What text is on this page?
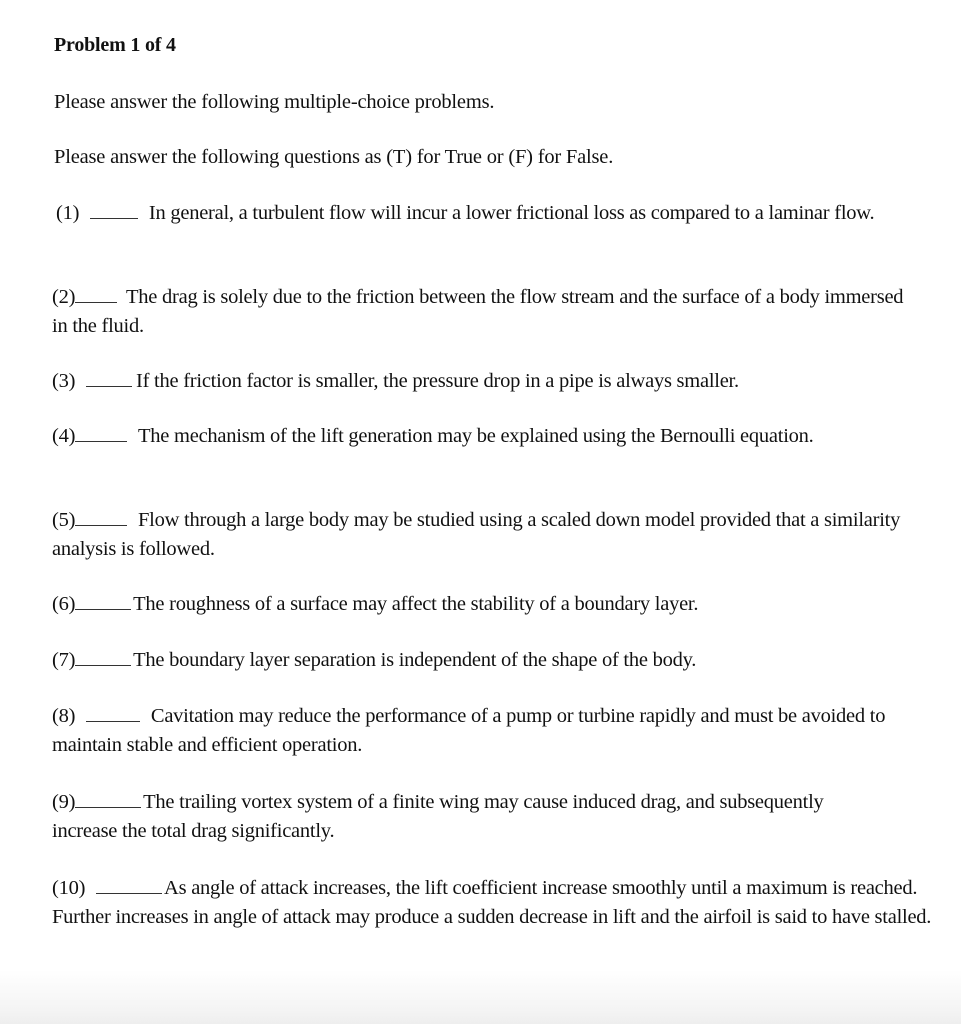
Problem 1 of 4
Please answer the following multiple-choice problems.
Please answer the following questions as (T) for True or (F) for False.
(1)	In general, a turbulent flow will incur a lower frictional loss as compared to a laminar flow.
(2) The drag is solely due to the friction between the flow stream and the surface of a body immersed in the fluid.
(3)	If the friction factor is smaller, the pressure drop in a pipe is always smaller.
(4)	The mechanism of the lift generation may be explained using the Bernoulli equation.
(5)	Flow through a large body may be studied using a scaled down model provided that a similarity analysis is followed.
(6)	The roughness of a surface may affect the stability of a boundary layer.
(7)	The boundary layer separation is independent of the shape of the body.
(8)	Cavitation may reduce the performance of a pump or turbine rapidly and must be avoided to maintain stable and efficient operation.
(9)	The trailing vortex system of a finite wing may cause induced drag, and subsequently increase the total drag significantly.
(10)	As angle of attack increases, the lift coefficient increase smoothly until a maximum is reached. Further increases in angle of attack may produce a sudden decrease in lift and the airfoil is said to have stalled.
